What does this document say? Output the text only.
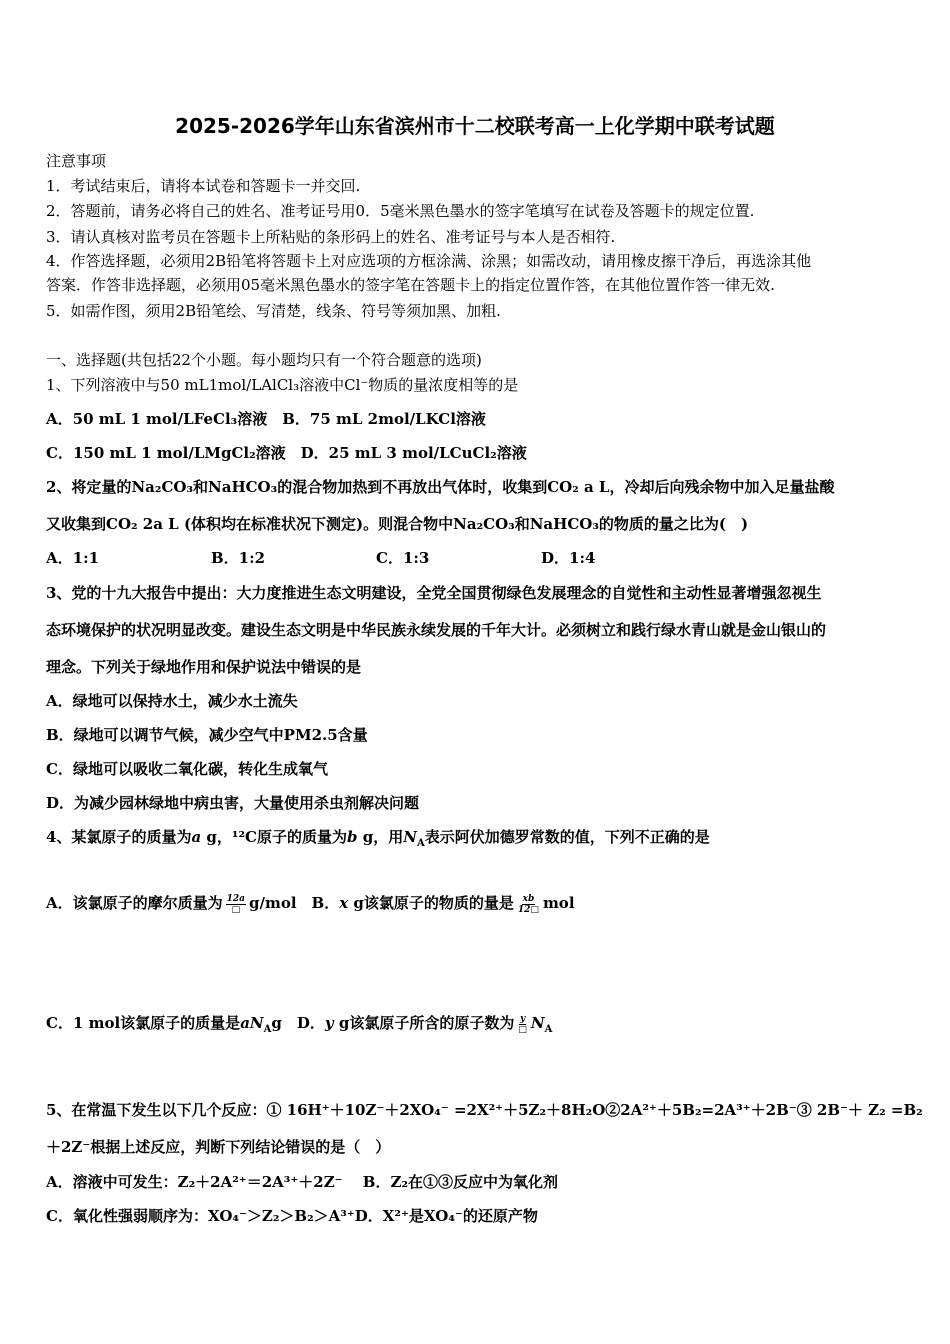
2025-2026学年山东省滨州市十二校联考高一上化学期中联考试题
注意事项
1．考试结束后，请将本试卷和答题卡一并交回.
2．答题前，请务必将自己的姓名、准考证号用0．5毫米黑色墨水的签字笔填写在试卷及答题卡的规定位置.
3．请认真核对监考员在答题卡上所粘贴的条形码上的姓名、准考证号与本人是否相符.
4．作答选择题，必须用2B铅笔将答题卡上对应选项的方框涂满、涂黑；如需改动，请用橡皮擦干净后，再选涂其他
答案．作答非选择题，必须用05毫米黑色墨水的签字笔在答题卡上的指定位置作答，在其他位置作答一律无效.
5．如需作图，须用2B铅笔绘、写清楚，线条、符号等须加黑、加粗.
一、选择题(共包括22个小题。每小题均只有一个符合题意的选项)
1、下列溶液中与50 mL1mol/LAlCl₃溶液中Cl⁻物质的量浓度相等的是
A．50 mL 1 mol/LFeCl₃溶液　B．75 mL 2mol/LKCl溶液
C．150 mL 1 mol/LMgCl₂溶液　D．25 mL 3 mol/LCuCl₂溶液
2、将定量的Na₂CO₃和NaHCO₃的混合物加热到不再放出气体时，收集到CO₂ a L，冷却后向残余物中加入足量盐酸
又收集到CO₂ 2a L (体积均在标准状况下测定)。则混合物中Na₂CO₃和NaHCO₃的物质的量之比为(　)
A．1:1	B．1:2	C．1:3	D．1:4
3、党的十九大报告中提出：大力度推进生态文明建设，全党全国贯彻绿色发展理念的自觉性和主动性显著增强忽视生
态环境保护的状况明显改变。建设生态文明是中华民族永续发展的千年大计。必须树立和践行绿水青山就是金山银山的
理念。下列关于绿地作用和保护说法中错误的是
A．绿地可以保持水土，减少水土流失
B．绿地可以调节气候，减少空气中PM2.5含量
C．绿地可以吸收二氧化碳，转化生成氧气
D．为减少园林绿地中病虫害，大量使用杀虫剂解决问题
4、某氯原子的质量为a g，¹²C原子的质量为b g，用$N_A$表示阿伏加德罗常数的值，下列不正确的是
A．该氯原子的摩尔质量为 $\frac{12a}{□} g/mol$　B．x g该氯原子的物质的量是 $\frac{xb}{12□}$ mol
C．1 mol该氯原子的质量是$aN_Ag$　D．y g该氯原子所含的原子数为 $\frac{y}{□} N_A$
5、在常温下发生以下几个反应：① 16H⁺＋10Z⁻＋2XO₄⁻ =2X²⁺＋5Z₂＋8H₂O②2A²⁺＋5B₂=2A³⁺＋2B⁻③ 2B⁻＋ Z₂ =B₂
＋2Z⁻根据上述反应，判断下列结论错误的是（　）
A．溶液中可发生：Z₂＋2A²⁺＝2A³⁺＋2Z⁻　 B．Z₂在①③反应中为氧化剂
C．氧化性强弱顺序为：XO₄⁻＞Z₂＞B₂＞A³⁺D．X²⁺是XO₄⁻的还原产物
